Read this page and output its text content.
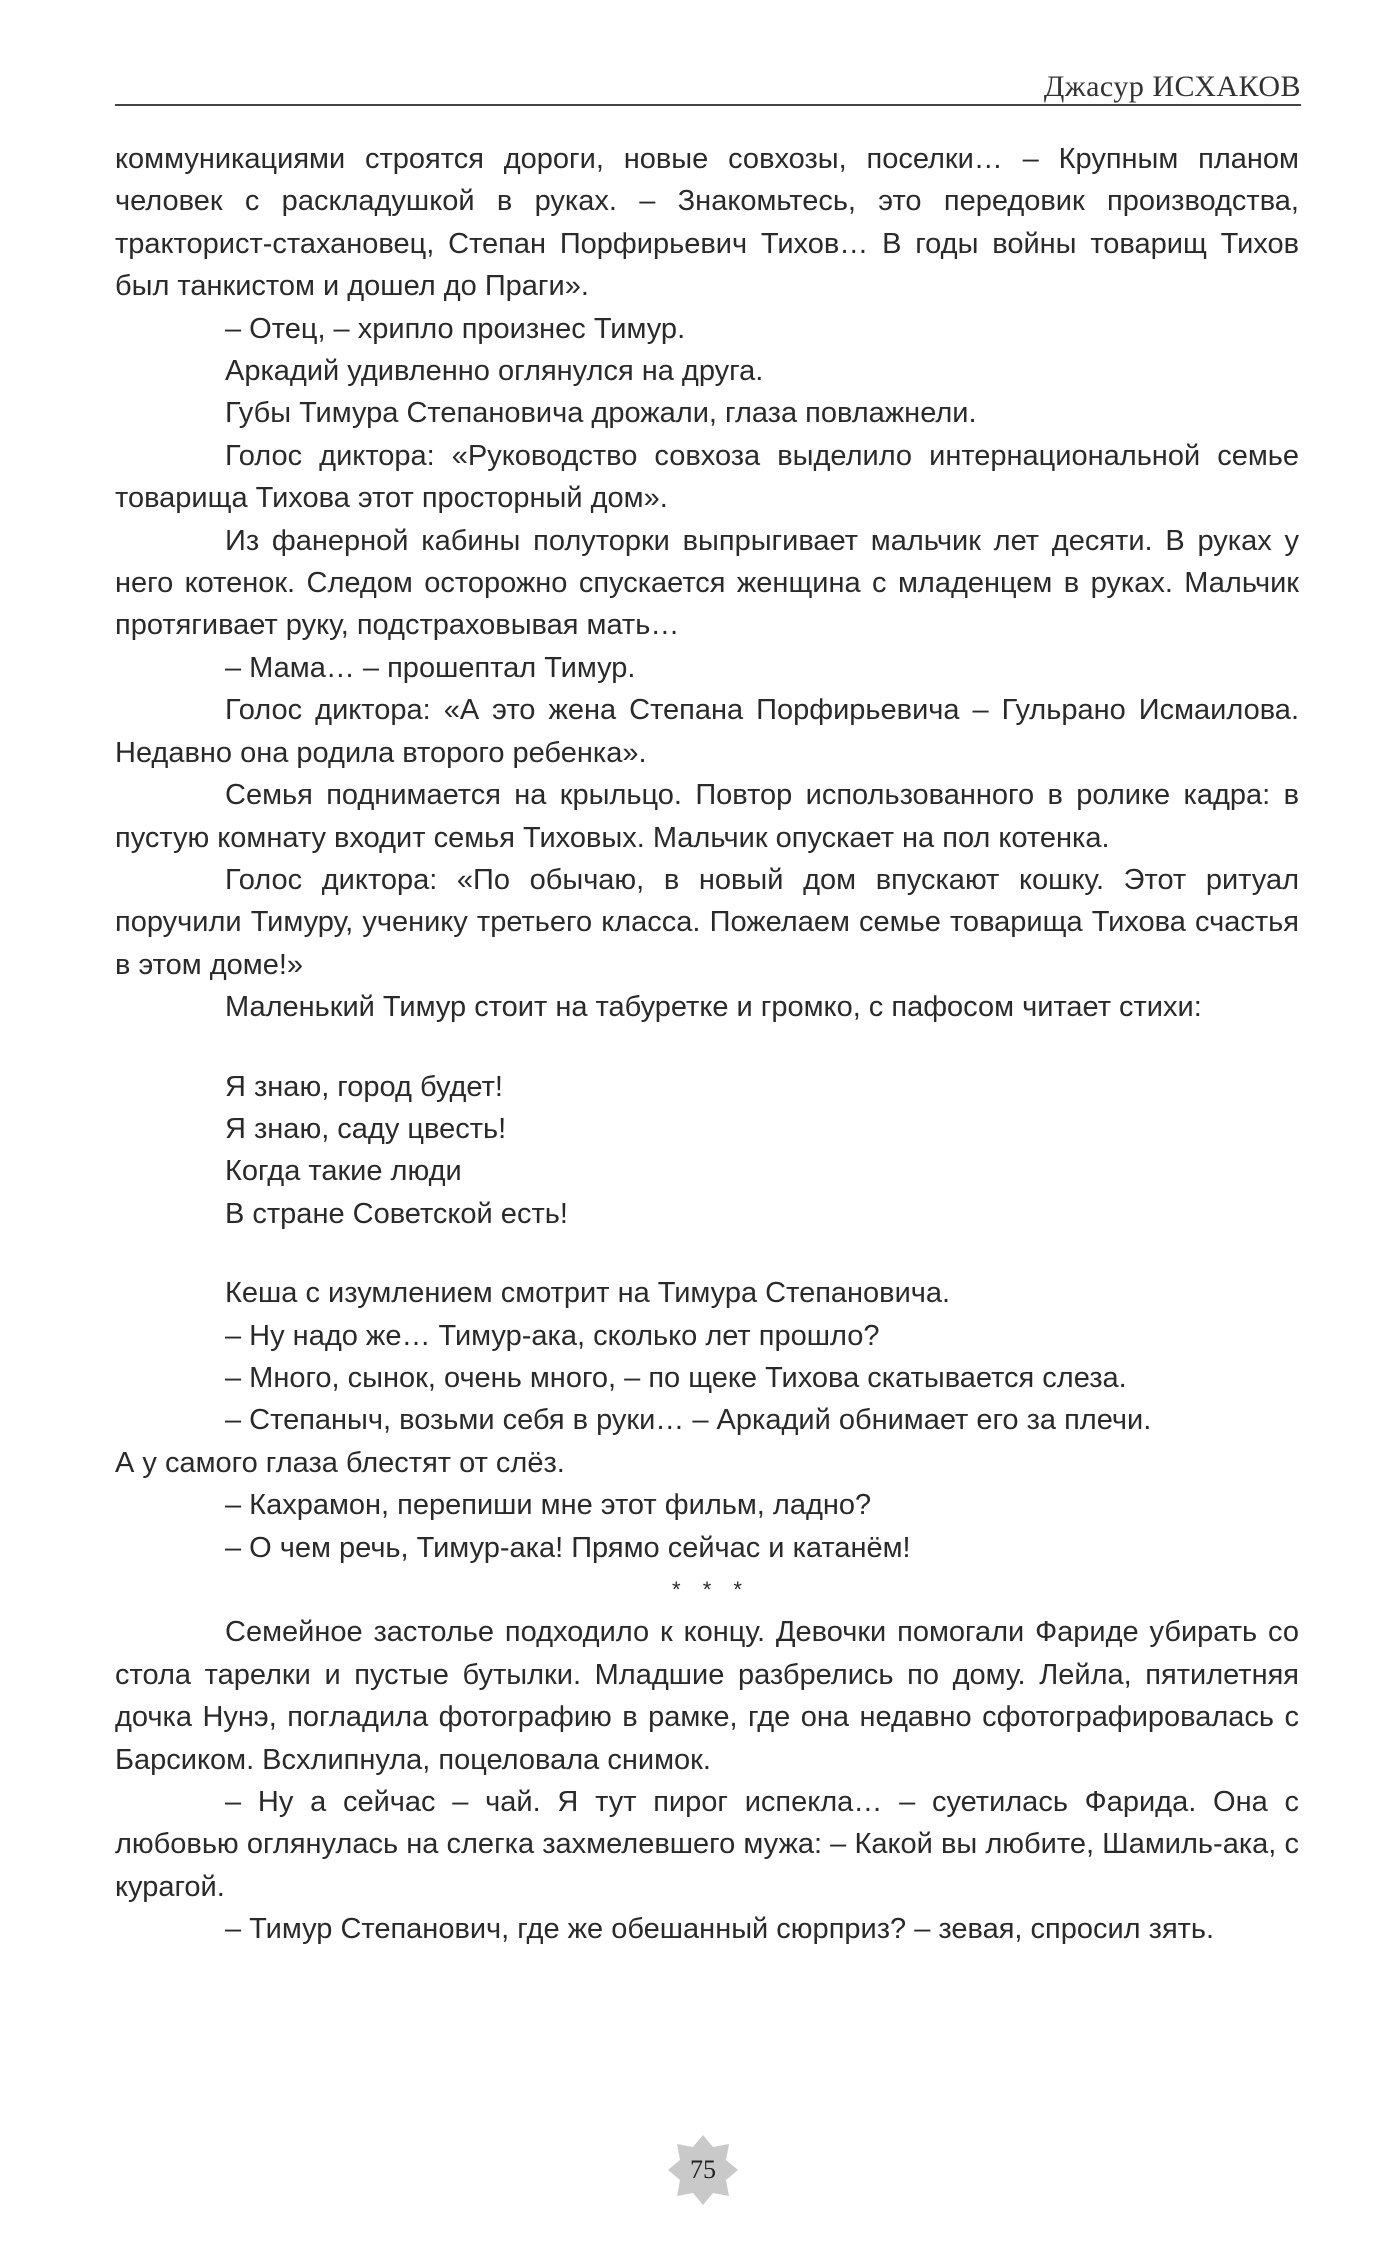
Джасур ИСХАКОВ

коммуникациями строятся дороги, новые совхозы, поселки… – Крупным планом человек с раскладушкой в руках. – Знакомьтесь, это передовик производства, тракторист-стахановец, Степан Порфирьевич Тихов… В годы войны товарищ Тихов был танкистом и дошел до Праги».

– Отец, – хрипло произнес Тимур.

Аркадий удивленно оглянулся на друга.

Губы Тимура Степановича дрожали, глаза повлажнели.

Голос диктора: «Руководство совхоза выделило интернациональной семье товарища Тихова этот просторный дом».

Из фанерной кабины полуторки выпрыгивает мальчик лет десяти. В руках у него котенок. Следом осторожно спускается женщина с младенцем в руках. Мальчик протягивает руку, подстраховывая мать…

– Мама… – прошептал Тимур.

Голос диктора: «А это жена Степана Порфирьевича – Гульрано Исмаилова. Недавно она родила второго ребенка».

Семья поднимается на крыльцо. Повтор использованного в ролике кадра: в пустую комнату входит семья Тиховых. Мальчик опускает на пол котенка.

Голос диктора: «По обычаю, в новый дом впускают кошку. Этот ритуал поручили Тимуру, ученику третьего класса. Пожелаем семье товарища Тихова счастья в этом доме!»

Маленький Тимур стоит на табуретке и громко, с пафосом читает стихи:

Я знаю, город будет!
Я знаю, саду цвесть!
Когда такие люди
В стране Советской есть!

Кеша с изумлением смотрит на Тимура Степановича.

– Ну надо же… Тимур-ака, сколько лет прошло?

– Много, сынок, очень много, – по щеке Тихова скатывается слеза.

– Степаныч, возьми себя в руки… – Аркадий обнимает его за плечи.

А у самого глаза блестят от слёз.

– Кахрамон, перепиши мне этот фильм, ладно?

– О чем речь, Тимур-ака! Прямо сейчас и катанём!

* * *

Семейное застолье подходило к концу. Девочки помогали Фариде убирать со стола тарелки и пустые бутылки. Младшие разбрелись по дому. Лейла, пятилетняя дочка Нунэ, погладила фотографию в рамке, где она недавно сфотографировалась с Барсиком. Всхлипнула, поцеловала снимок.

– Ну а сейчас – чай. Я тут пирог испекла… – суетилась Фарида. Она с любовью оглянулась на слегка захмелевшего мужа: – Какой вы любите, Шамиль-ака, с курагой.

– Тимур Степанович, где же обешанный сюрприз? – зевая, спросил зять.

75
